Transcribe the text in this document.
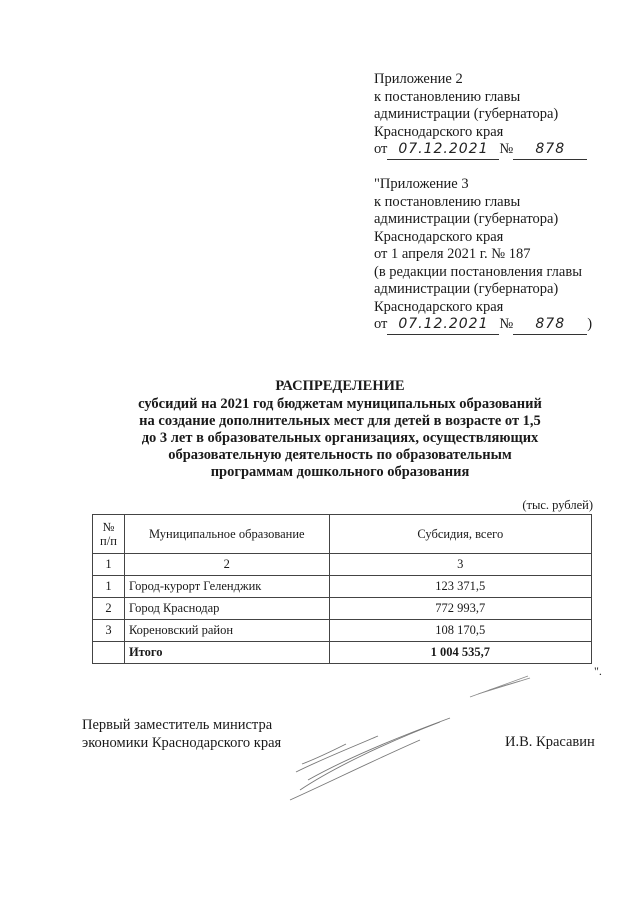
Приложение 2
к постановлению главы
администрации (губернатора)
Краснодарского края
от 07.12.2021 № 878
"Приложение 3
к постановлению главы
администрации (губернатора)
Краснодарского края
от 1 апреля 2021 г. № 187
(в редакции постановления главы
администрации (губернатора)
Краснодарского края
от 07.12.2021 № 878 )
РАСПРЕДЕЛЕНИЕ
субсидий на 2021 год бюджетам муниципальных образований
на создание дополнительных мест для детей в возрасте от 1,5
до 3 лет в образовательных организациях, осуществляющих
образовательную деятельность по образовательным
программам дошкольного образования
(тыс. рублей)
№
п/п	Муниципальное образование	Субсидия, всего
1	2	3
1	Город-курорт Геленджик	123 371,5
2	Город Краснодар	772 993,7
3	Кореновский район	108 170,5
	Итого	1 004 535,7
".
Первый заместитель министра
экономики Краснодарского края	И.В. Красавин
